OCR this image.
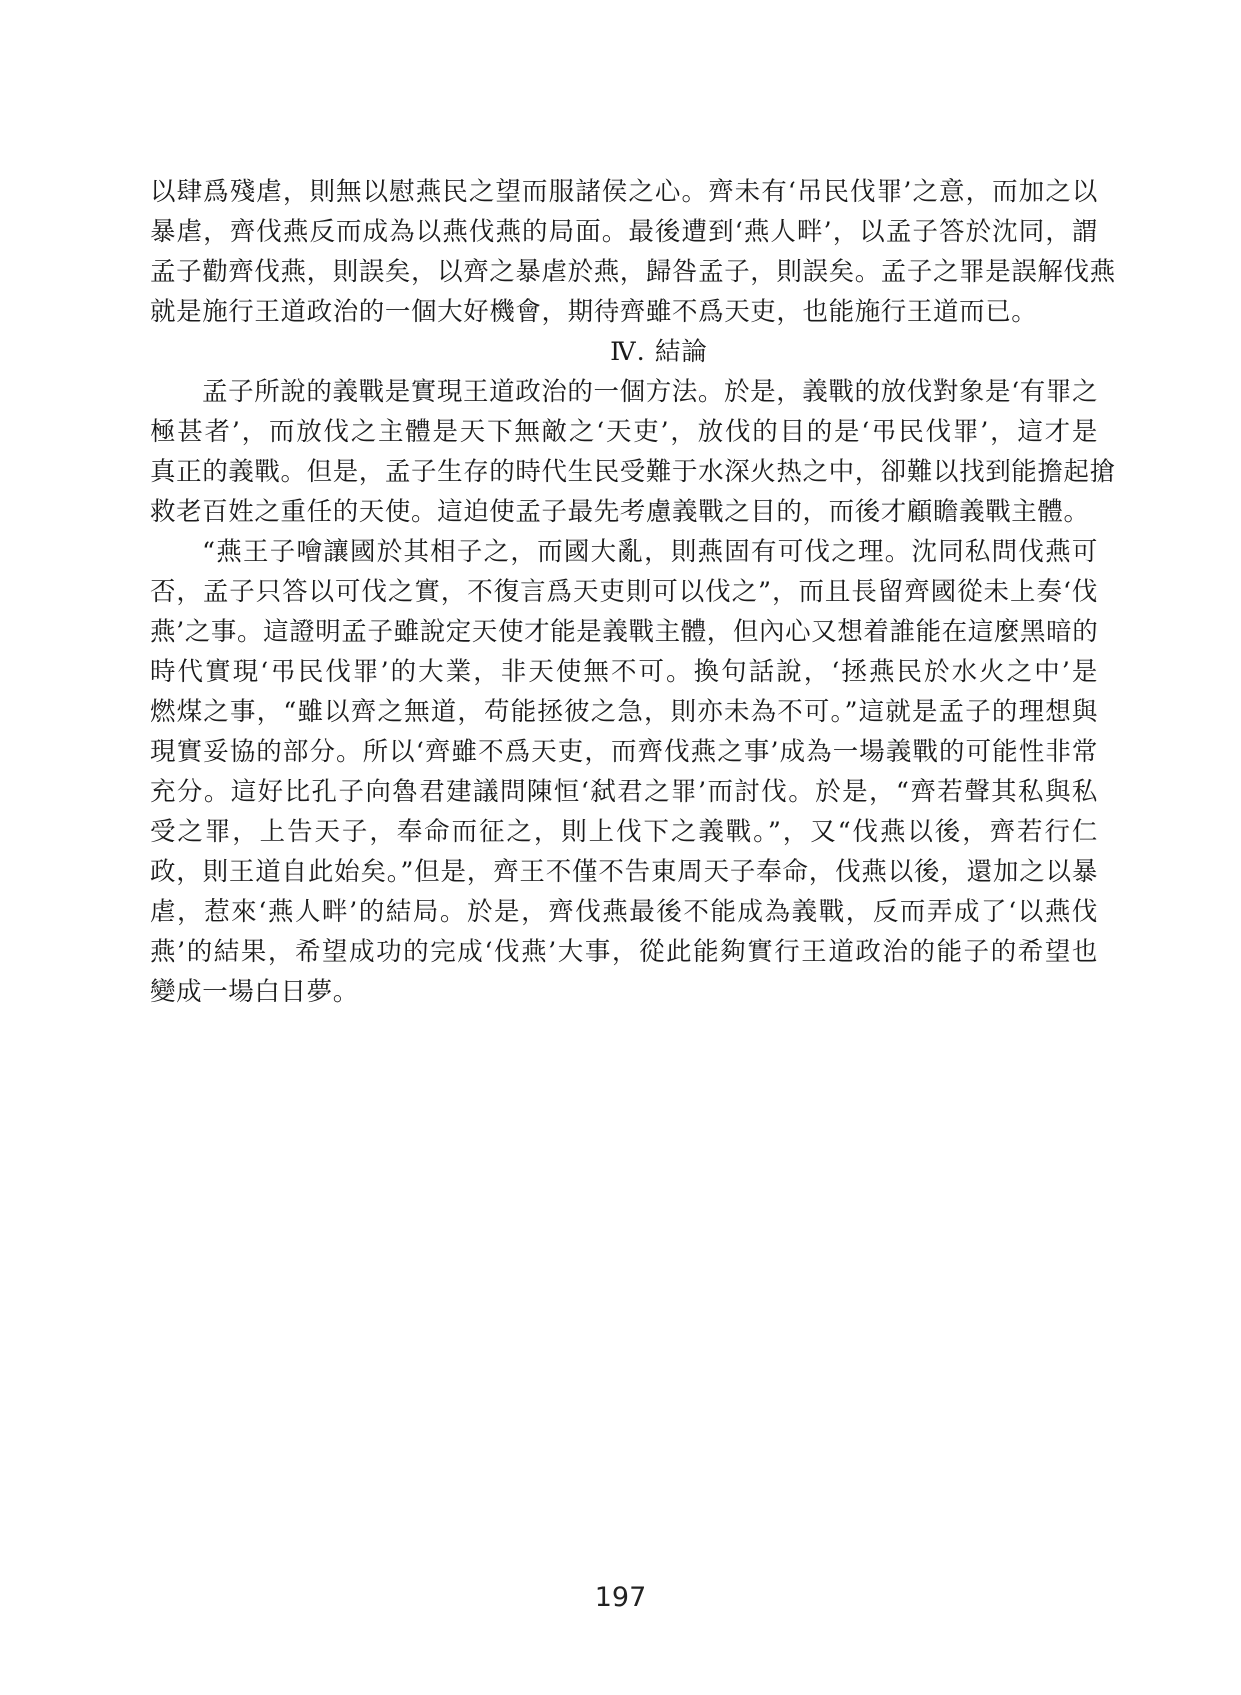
以肆爲殘虐，則無以慰燕民之望而服諸侯之心。齊未有‘吊民伐罪’之意，而加之以
暴虐，齊伐燕反而成為以燕伐燕的局面。最後遭到‘燕人畔’，以孟子答於沈同，謂
孟子勸齊伐燕，則誤矣，以齊之暴虐於燕，歸咎孟子，則誤矣。孟子之罪是誤解伐燕
就是施行王道政治的一個大好機會，期待齊雖不爲天吏，也能施行王道而已。
Ⅳ. 結論
孟子所說的義戰是實現王道政治的一個方法。於是，義戰的放伐對象是‘有罪之
極甚者’，而放伐之主體是天下無敵之‘天吏’，放伐的目的是‘弔民伐罪’，這才是
真正的義戰。但是，孟子生存的時代生民受難于水深火热之中，卻難以找到能擔起搶
救老百姓之重任的天使。這迫使孟子最先考慮義戰之目的，而後才顧瞻義戰主體。
“燕王子噲讓國於其相子之，而國大亂，則燕固有可伐之理。沈同私問伐燕可
否，孟子只答以可伐之實，不復言爲天吏則可以伐之”，而且長留齊國從未上奏‘伐
燕’之事。這證明孟子雖說定天使才能是義戰主體，但內心又想着誰能在這麼黑暗的
時代實現‘弔民伐罪’的大業，非天使無不可。換句話說，‘拯燕民於水火之中’是
燃煤之事，“雖以齊之無道，苟能拯彼之急，則亦未為不可。”這就是孟子的理想與
現實妥協的部分。所以‘齊雖不爲天吏，而齊伐燕之事’成為一場義戰的可能性非常
充分。這好比孔子向魯君建議問陳恒‘弑君之罪’而討伐。於是，“齊若聲其私與私
受之罪，上告天子，奉命而征之，則上伐下之義戰。”，又“伐燕以後，齊若行仁
政，則王道自此始矣。”但是，齊王不僅不告東周天子奉命，伐燕以後，還加之以暴
虐，惹來‘燕人畔’的結局。於是，齊伐燕最後不能成為義戰，反而弄成了‘以燕伐
燕’的結果，希望成功的完成‘伐燕’大事，從此能夠實行王道政治的能子的希望也
變成一場白日夢。
197
